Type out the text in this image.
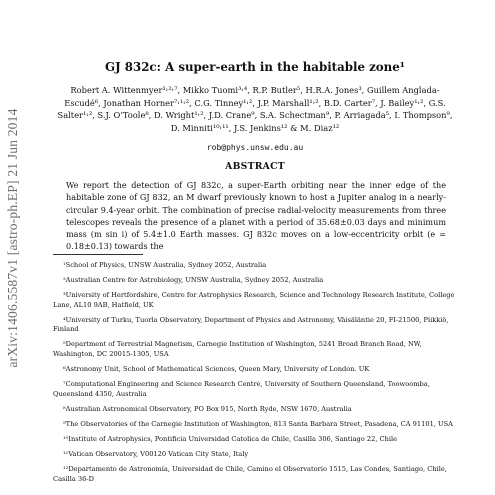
arXiv:1406.5587v1 [astro-ph.EP] 21 Jun 2014
GJ 832c: A super-earth in the habitable zone¹
Robert A. Wittenmyer¹˒²˒⁷, Mikko Tuomi³˒⁴, R.P. Butler⁵, H.R.A. Jones³, Guillem Anglada-Escudé⁶, Jonathan Horner⁷˒¹˒², C.G. Tinney¹˒², J.P. Marshall¹˒², B.D. Carter⁷, J. Bailey¹˒², G.S. Salter¹˒², S.J. O’Toole⁸, D. Wright¹˒², J.D. Crane⁹, S.A. Schectman⁹, P. Arriagada⁵, I. Thompson⁹, D. Minniti¹⁰˒¹¹, J.S. Jenkins¹² & M. Diaz¹²
rob@phys.unsw.edu.au
ABSTRACT
We report the detection of GJ 832c, a super-Earth orbiting near the inner edge of the habitable zone of GJ 832, an M dwarf previously known to host a Jupiter analog in a nearly-circular 9.4-year orbit. The combination of precise radial-velocity measurements from three telescopes reveals the presence of a planet with a period of 35.68±0.03 days and minimum mass (m sin i) of 5.4±1.0 Earth masses. GJ 832c moves on a low-eccentricity orbit (e = 0.18±0.13) towards the
¹School of Physics, UNSW Australia, Sydney 2052, Australia
²Australian Centre for Astrobiology, UNSW Australia, Sydney 2052, Australia
³University of Hertfordshire, Centre for Astrophysics Research, Science and Technology Research Institute, College Lane, AL10 9AB, Hatfield, UK
⁴University of Turku, Tuorla Observatory, Department of Physics and Astronomy, Väisäläntie 20, FI-21500, Piikkiö, Finland
⁵Department of Terrestrial Magnetism, Carnegie Institution of Washington, 5241 Broad Branch Road, NW, Washington, DC 20015-1305, USA
⁶Astronomy Unit, School of Mathematical Sciences, Queen Mary, University of London. UK
⁷Computational Engineering and Science Research Centre, University of Southern Queensland, Toowoomba, Queensland 4350, Australia
⁸Australian Astronomical Observatory, PO Box 915, North Ryde, NSW 1670, Australia
⁹The Observatories of the Carnegie Institution of Washington, 813 Santa Barbara Street, Pasadena, CA 91101, USA
¹⁰Institute of Astrophysics, Pontificia Universidad Catolica de Chile, Casilla 306, Santiago 22, Chile
¹¹Vatican Observatory, V00120 Vatican City State, Italy
¹²Departamento de Astronomía, Universidad de Chile, Camino el Observatorio 1515, Las Condes, Santiago, Chile, Casilla 36-D
